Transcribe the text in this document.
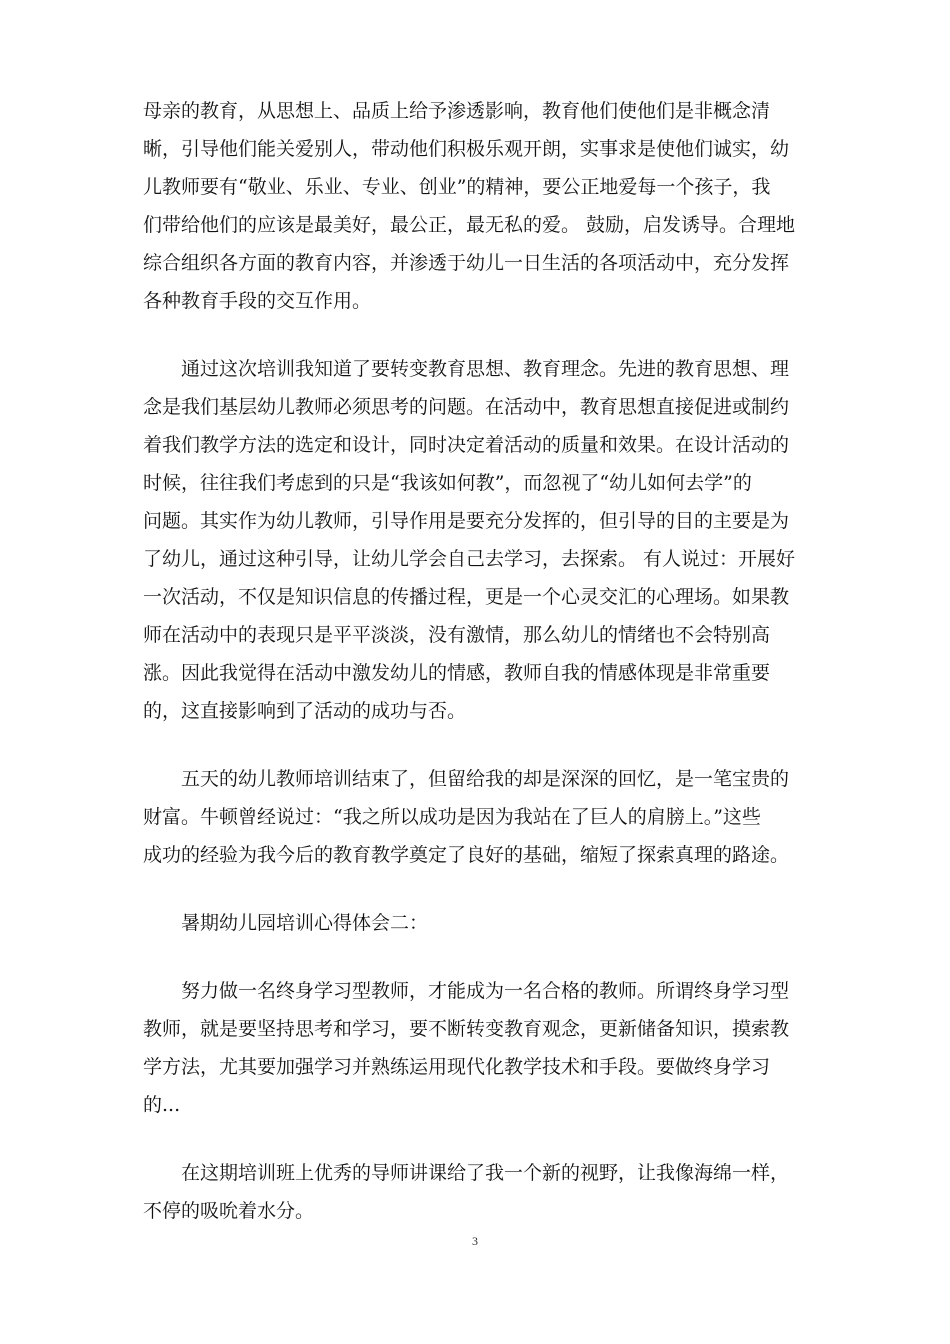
母亲的教育，从思想上、品质上给予渗透影响，教育他们使他们是非概念清
晰，引导他们能关爱别人，带动他们积极乐观开朗，实事求是使他们诚实，幼
儿教师要有“敬业、乐业、专业、创业”的精神，要公正地爱每一个孩子，我
们带给他们的应该是最美好，最公正，最无私的爱。 鼓励，启发诱导。合理地
综合组织各方面的教育内容，并渗透于幼儿一日生活的各项活动中，充分发挥
各种教育手段的交互作用。

　　通过这次培训我知道了要转变教育思想、教育理念。先进的教育思想、理
念是我们基层幼儿教师必须思考的问题。在活动中，教育思想直接促进或制约
着我们教学方法的选定和设计，同时决定着活动的质量和效果。在设计活动的
时候，往往我们考虑到的只是“我该如何教”，而忽视了“幼儿如何去学”的
问题。其实作为幼儿教师，引导作用是要充分发挥的，但引导的目的主要是为
了幼儿，通过这种引导，让幼儿学会自己去学习，去探索。 有人说过：开展好
一次活动，不仅是知识信息的传播过程，更是一个心灵交汇的心理场。如果教
师在活动中的表现只是平平淡淡，没有激情，那么幼儿的情绪也不会特别高
涨。因此我觉得在活动中激发幼儿的情感，教师自我的情感体现是非常重要
的，这直接影响到了活动的成功与否。

　　五天的幼儿教师培训结束了，但留给我的却是深深的回忆，是一笔宝贵的
财富。牛顿曾经说过：“我之所以成功是因为我站在了巨人的肩膀上。”这些
成功的经验为我今后的教育教学奠定了良好的基础，缩短了探索真理的路途。

　　暑期幼儿园培训心得体会二：

　　努力做一名终身学习型教师，才能成为一名合格的教师。所谓终身学习型
教师，就是要坚持思考和学习，要不断转变教育观念，更新储备知识，摸索教
学方法，尤其要加强学习并熟练运用现代化教学技术和手段。要做终身学习
的...

　　在这期培训班上优秀的导师讲课给了我一个新的视野，让我像海绵一样，
不停的吸吮着水分。

3
